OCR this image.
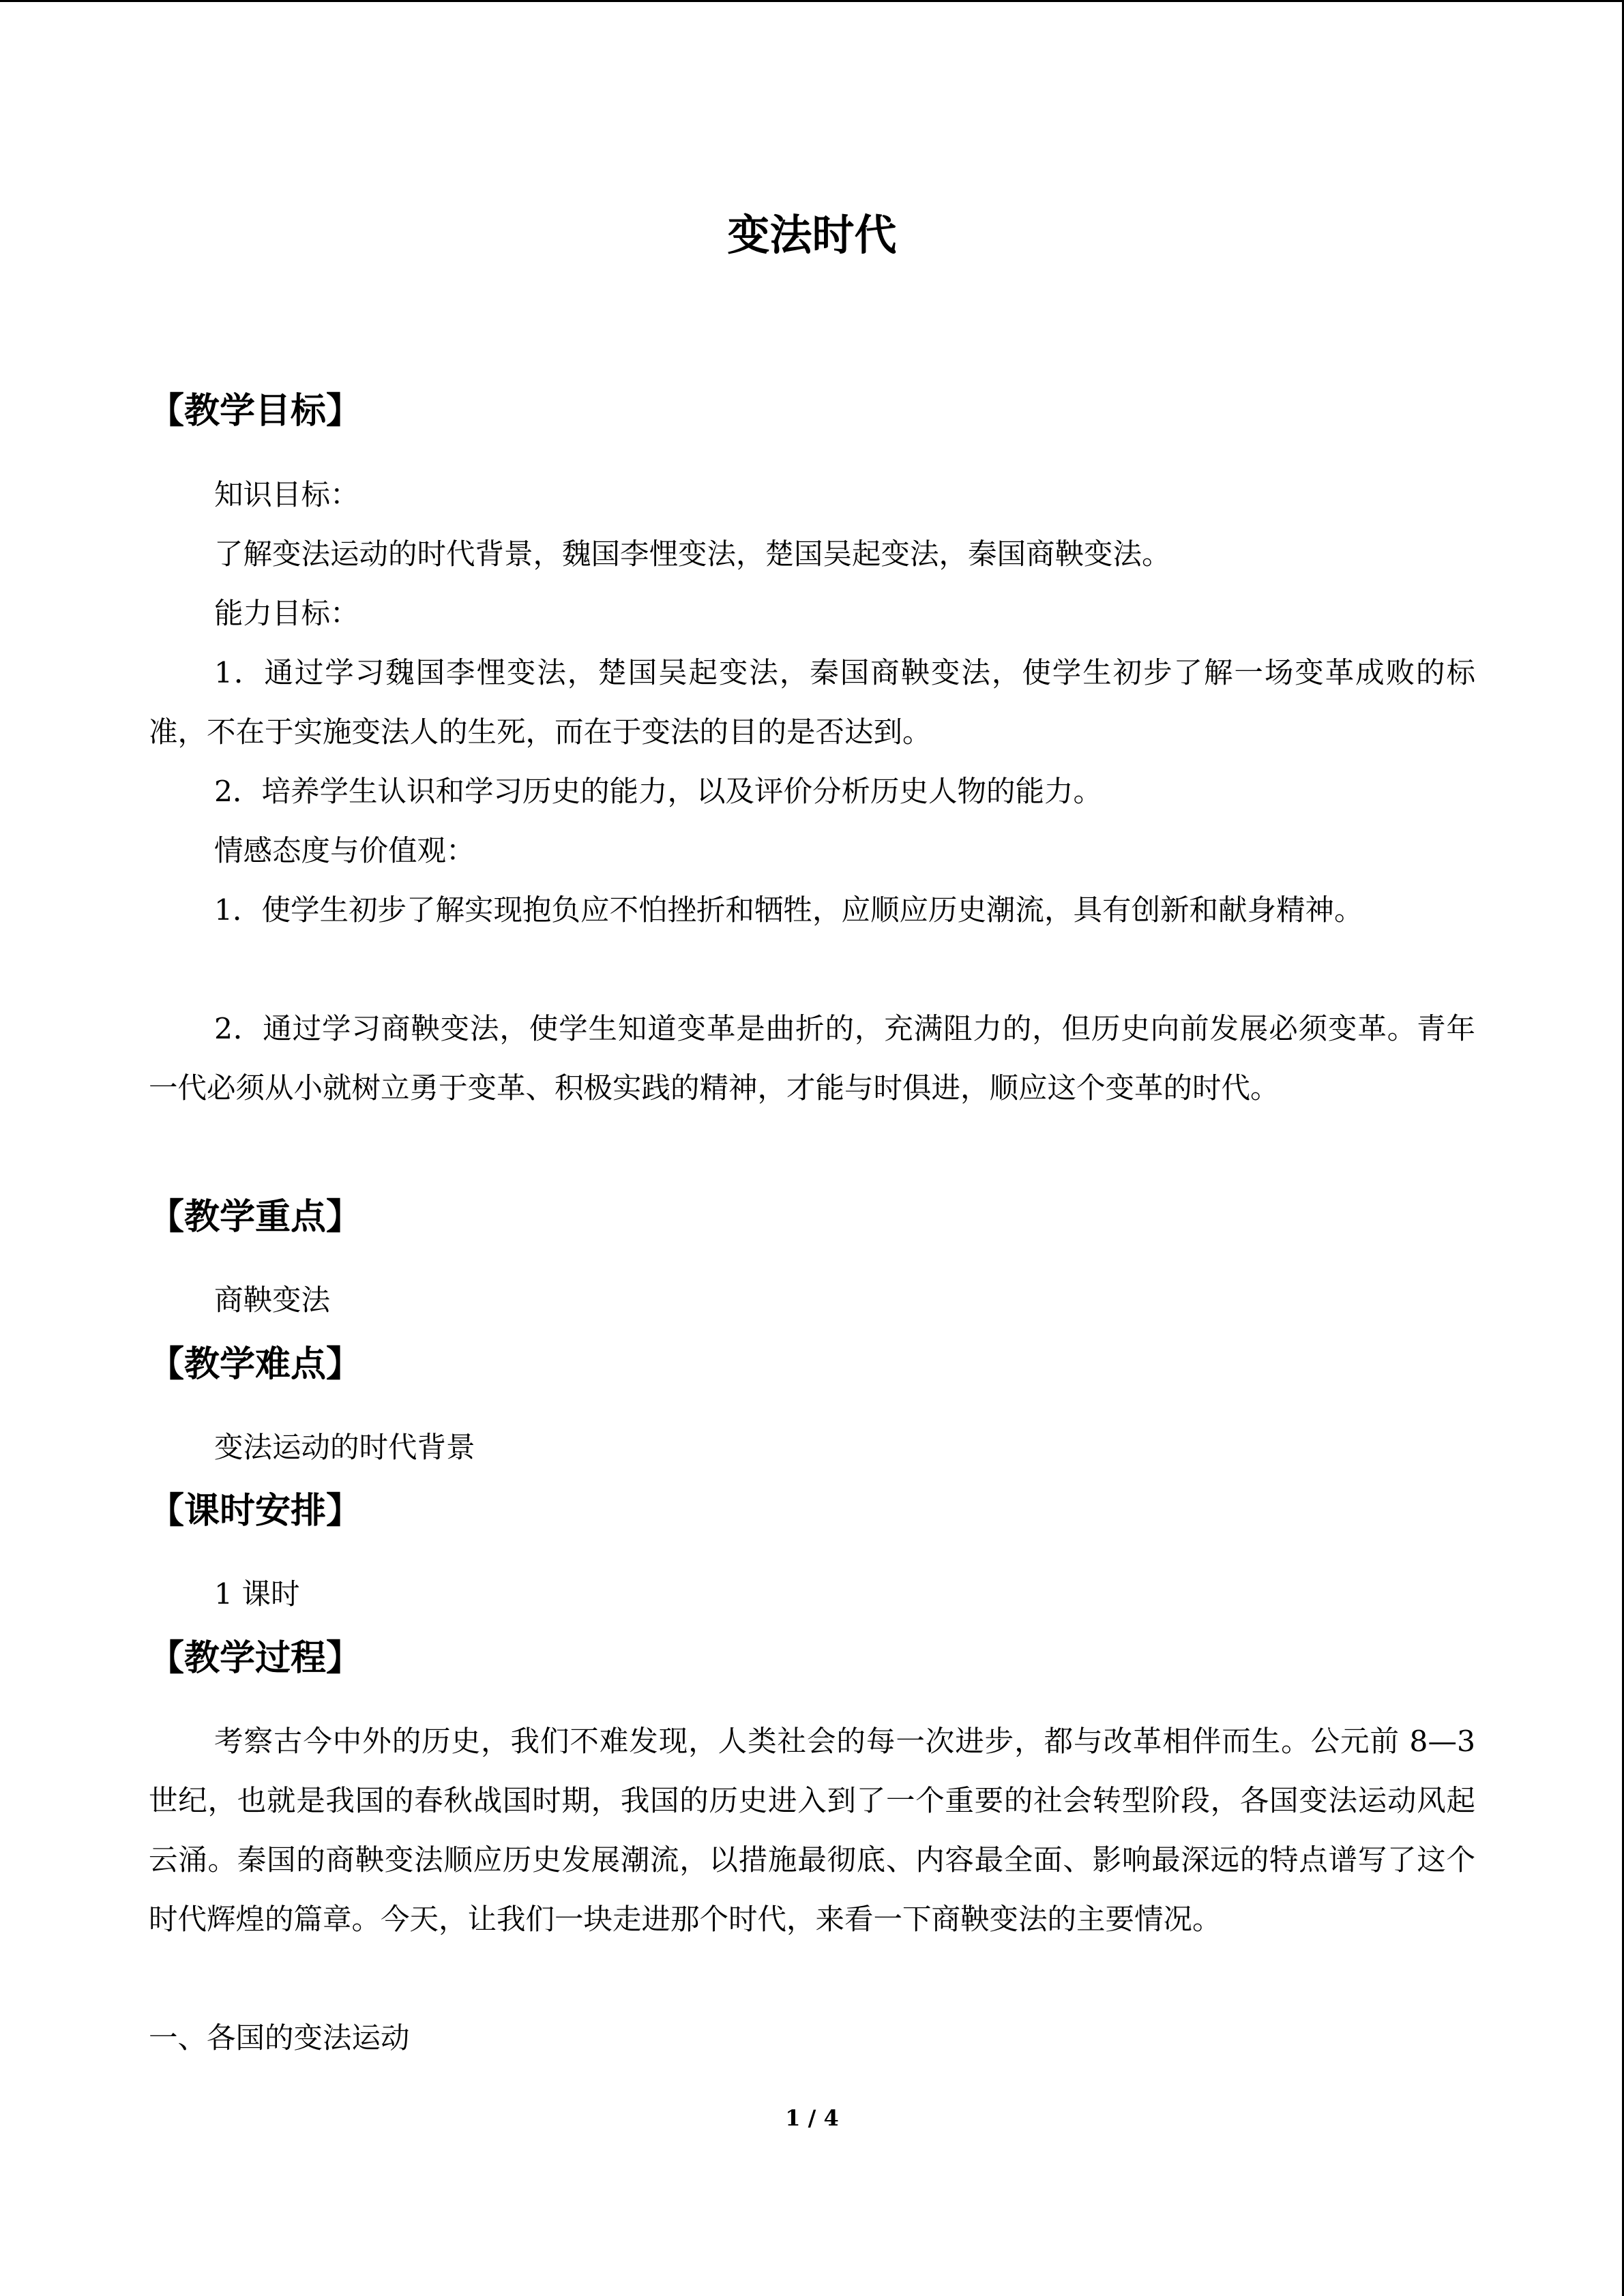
变法时代
【教学目标】

知识目标：

了解变法运动的时代背景，魏国李悝变法，楚国吴起变法，秦国商鞅变法。

能力目标：

1．通过学习魏国李悝变法，楚国吴起变法，秦国商鞅变法，使学生初步了解一场变革成败的标准，不在于实施变法人的生死，而在于变法的目的是否达到。

2．培养学生认识和学习历史的能力，以及评价分析历史人物的能力。

情感态度与价值观：

1．使学生初步了解实现抱负应不怕挫折和牺牲，应顺应历史潮流，具有创新和献身精神。

2．通过学习商鞅变法，使学生知道变革是曲折的，充满阻力的，但历史向前发展必须变革。青年一代必须从小就树立勇于变革、积极实践的精神，才能与时俱进，顺应这个变革的时代。

【教学重点】

商鞅变法

【教学难点】

变法运动的时代背景

【课时安排】

1 课时

【教学过程】

考察古今中外的历史，我们不难发现，人类社会的每一次进步，都与改革相伴而生。公元前 8—3 世纪，也就是我国的春秋战国时期，我国的历史进入到了一个重要的社会转型阶段，各国变法运动风起云涌。秦国的商鞅变法顺应历史发展潮流，以措施最彻底、内容最全面、影响最深远的特点谱写了这个时代辉煌的篇章。今天，让我们一块走进那个时代，来看一下商鞅变法的主要情况。

一、各国的变法运动

1 / 4
